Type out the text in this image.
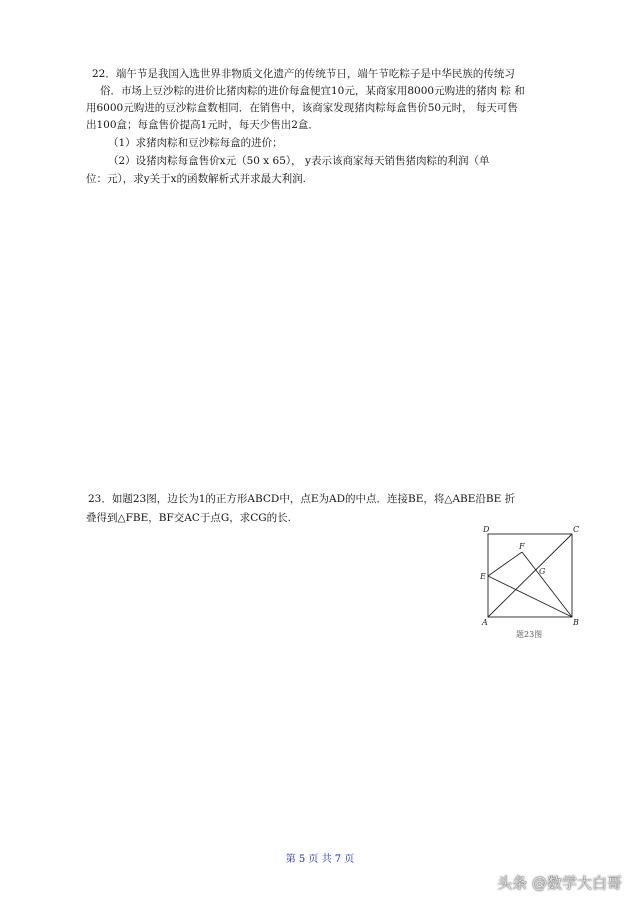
22．端午节是我国入选世界非物质文化遗产的传统节日，端午节吃粽子是中华民族的传统习
俗．市场上豆沙粽的进价比猪肉粽的进价每盒便宜10元，某商家用8000元购进的猪肉 粽 和
用6000元购进的豆沙粽盒数相同．在销售中，该商家发现猪肉粽每盒售价50元时， 每天可售
出100盒；每盒售价提高1元时，每天少售出2盒．
（1）求猪肉粽和豆沙粽每盒的进价；
（2）设猪肉粽每盒售价x元（50 x 65）， y表示该商家每天销售猪肉粽的利润（单
位：元），求y关于x的函数解析式并求最大利润.
23．如题23图，边长为1的正方形ABCD中，点E为AD的中点．连接BE，将△ABE沿BE 折
叠得到△FBE，BF交AC于点G，求CG的长.
D	C
F
G
E
A	B
题23图
第 5 页 共 7 页
头条 @数学大白哥
